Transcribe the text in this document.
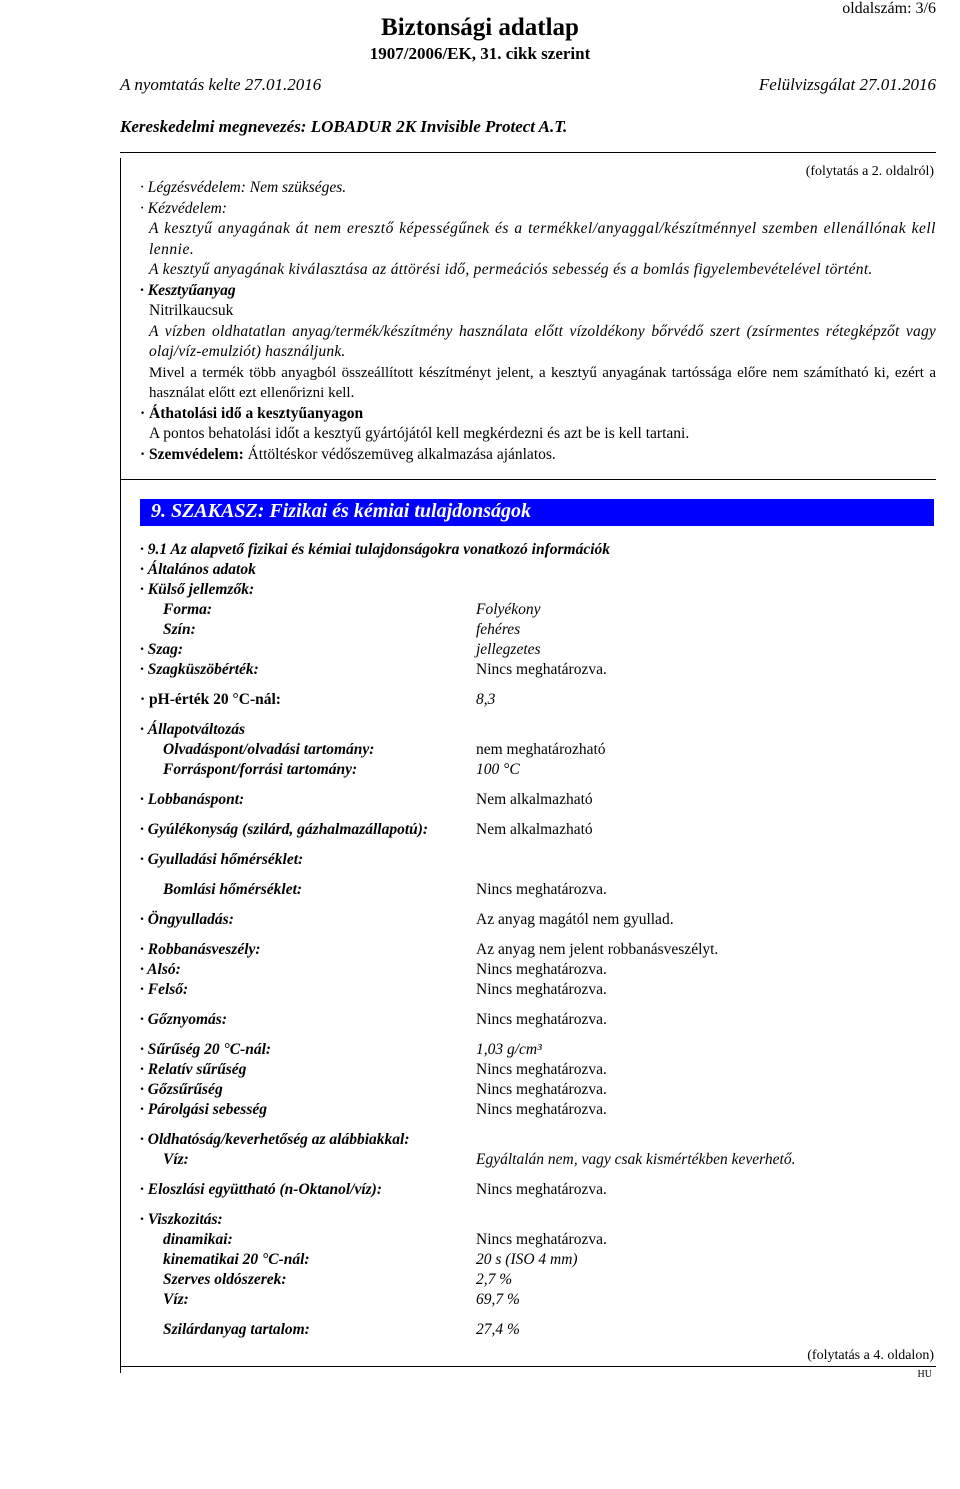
oldalszám: 3/6
Biztonsági adatlap
1907/2006/EK, 31. cikk szerint
A nyomtatás kelte 27.01.2016	Felülvizsgálat 27.01.2016
Kereskedelmi megnevezés: LOBADUR 2K Invisible Protect A.T.
(folytatás a 2. oldalról)

· Légzésvédelem: Nem szükséges.

· Kézvédelem:

A kesztyű anyagának át nem eresztő képességűnek és a termékkel/anyaggal/készítménnyel szemben ellenállónak kell lennie.

A kesztyű anyagának kiválasztása az áttörési idő, permeációs sebesség és a bomlás figyelembevételével történt.

· Kesztyűanyag

Nitrilkaucsuk

A vízben oldhatatlan anyag/termék/készítmény használata előtt vízoldékony bőrvédő szert (zsírmentes rétegképzőt vagy olaj/víz-emulziót) használjunk.

Mivel a termék több anyagból összeállított készítményt jelent, a kesztyű anyagának tartóssága előre nem számítható ki, ezért a használat előtt ezt ellenőrizni kell.

· Áthatolási idő a kesztyűanyagon

A pontos behatolási időt a kesztyű gyártójától kell megkérdezni és azt be is kell tartani.

· Szemvédelem: Áttöltéskor védőszemüveg alkalmazása ajánlatos.

9. SZAKASZ: Fizikai és kémiai tulajdonságok
· 9.1 Az alapvető fizikai és kémiai tulajdonságokra vonatkozó információk
· Általános adatok
· Külső jellemzők:
Forma:	Folyékony
Szín:	fehéres
· Szag:	jellegzetes
· Szagküszöbérték:	Nincs meghatározva.
· pH-érték 20 °C-nál:	8,3
· Állapotváltozás
Olvadáspont/olvadási tartomány:	nem meghatározható
Forráspont/forrási tartomány:	100 °C
· Lobbanáspont:	Nem alkalmazható
· Gyúlékonyság (szilárd, gázhalmazállapotú):	Nem alkalmazható
· Gyulladási hőmérséklet:
Bomlási hőmérséklet:	Nincs meghatározva.
· Öngyulladás:	Az anyag magától nem gyullad.
· Robbanásveszély:	Az anyag nem jelent robbanásveszélyt.
· Alsó:	Nincs meghatározva.
· Felső:	Nincs meghatározva.
· Gőznyomás:	Nincs meghatározva.
· Sűrűség 20 °C-nál:	1,03 g/cm³
· Relatív sűrűség	Nincs meghatározva.
· Gőzsűrűség	Nincs meghatározva.
· Párolgási sebesség	Nincs meghatározva.
· Oldhatóság/keverhetőség az alábbiakkal:
Víz:	Egyáltalán nem, vagy csak kismértékben keverhető.
· Eloszlási együttható (n-Oktanol/víz):	Nincs meghatározva.
· Viszkozitás:
dinamikai:	Nincs meghatározva.
kinematikai 20 °C-nál:	20 s (ISO 4 mm)
Szerves oldószerek:	2,7 %
Víz:	69,7 %
Szilárdanyag tartalom:	27,4 %
(folytatás a 4. oldalon)
HU
